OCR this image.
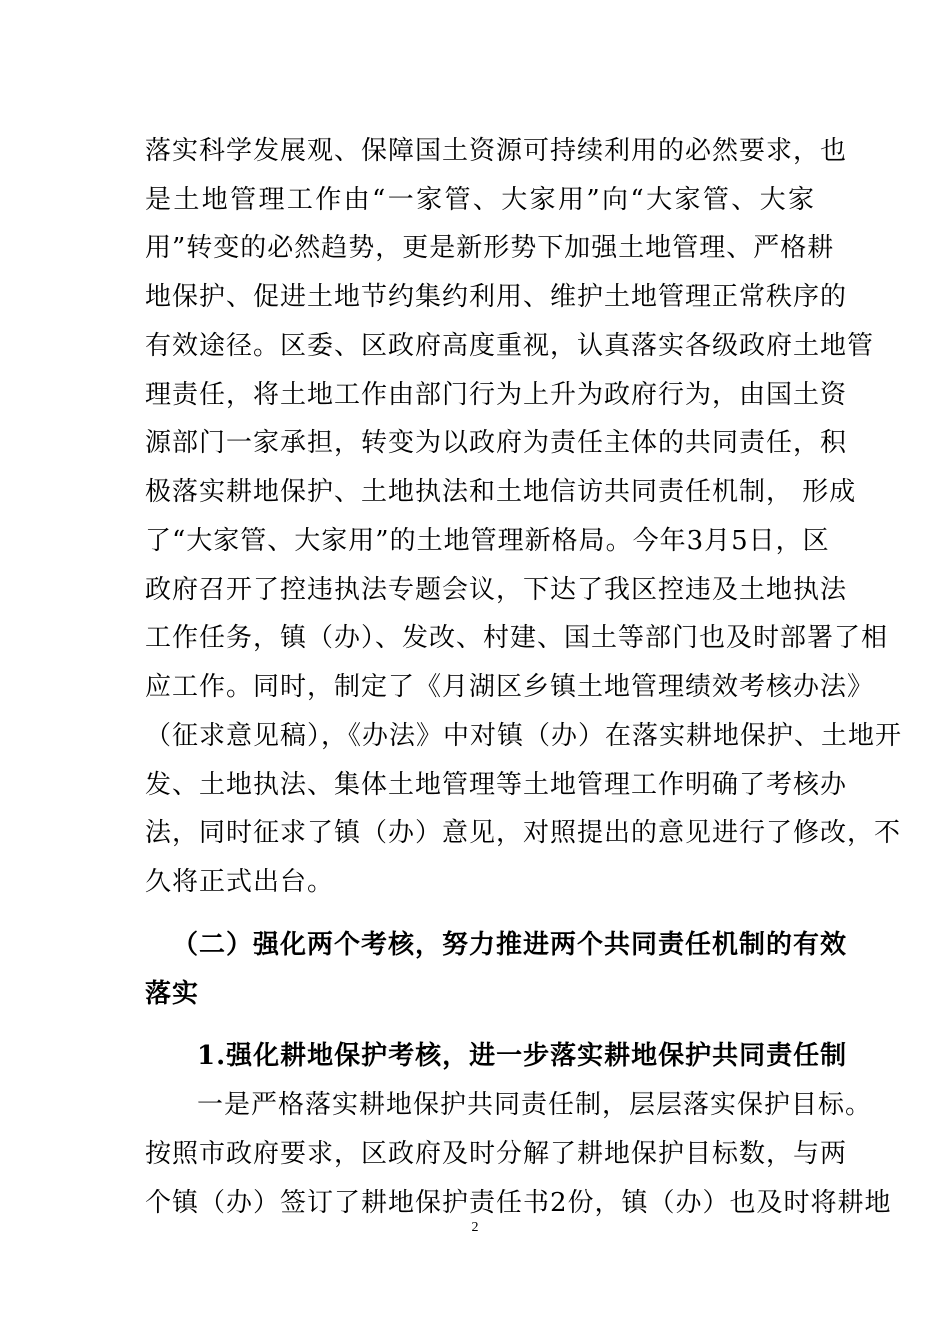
落实科学发展观、保障国土资源可持续利用的必然要求，也
是土地管理工作由“一家管、大家用”向“大家管、大家
用”转变的必然趋势，更是新形势下加强土地管理、严格耕
地保护、促进土地节约集约利用、维护土地管理正常秩序的
有效途径。区委、区政府高度重视，认真落实各级政府土地管
理责任，将土地工作由部门行为上升为政府行为，由国土资
源部门一家承担，转变为以政府为责任主体的共同责任，积
极落实耕地保护、土地执法和土地信访共同责任机制， 形成
了“大家管、大家用”的土地管理新格局。今年3月5日，区
政府召开了控违执法专题会议，下达了我区控违及土地执法
工作任务，镇（办）、发改、村建、国土等部门也及时部署了相
应工作。同时，制定了《月湖区乡镇土地管理绩效考核办法》
（征求意见稿），《办法》中对镇（办）在落实耕地保护、土地开
发、土地执法、集体土地管理等土地管理工作明确了考核办
法，同时征求了镇（办）意见，对照提出的意见进行了修改，不
久将正式出台。
（二）强化两个考核，努力推进两个共同责任机制的有效
落实
1.强化耕地保护考核，进一步落实耕地保护共同责任制
一是严格落实耕地保护共同责任制，层层落实保护目标。
按照市政府要求，区政府及时分解了耕地保护目标数，与两
个镇（办）签订了耕地保护责任书2份，镇（办）也及时将耕地
2
